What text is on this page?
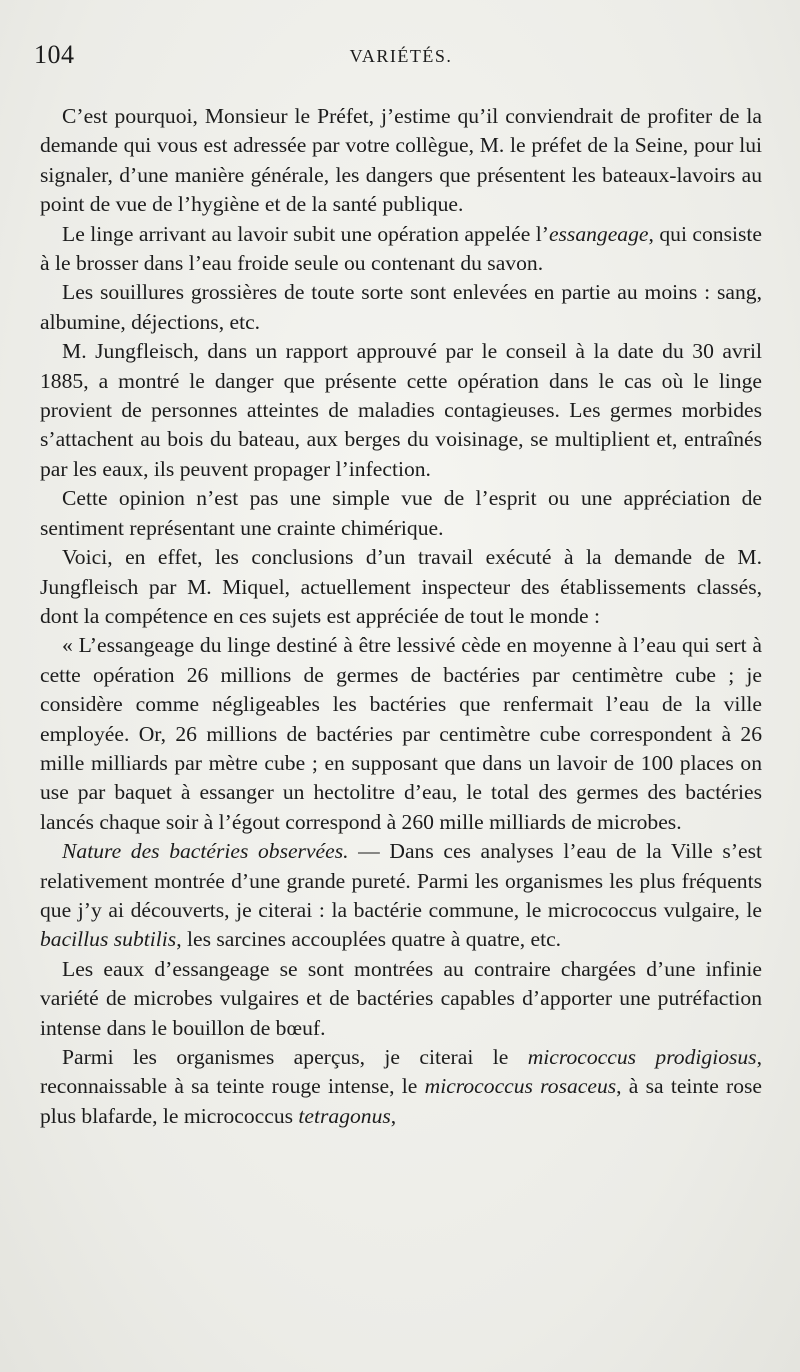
104	VARIÉTÉS.

C’est pourquoi, Monsieur le Préfet, j’estime qu’il conviendrait de profiter de la demande qui vous est adressée par votre collègue, M. le préfet de la Seine, pour lui signaler, d’une manière générale, les dangers que présentent les bateaux-lavoirs au point de vue de l’hygiène et de la santé publique.

Le linge arrivant au lavoir subit une opération appelée l’essangeage, qui consiste à le brosser dans l’eau froide seule ou contenant du savon.

Les souillures grossières de toute sorte sont enlevées en partie au moins : sang, albumine, déjections, etc.

M. Jungfleisch, dans un rapport approuvé par le conseil à la date du 30 avril 1885, a montré le danger que présente cette opération dans le cas où le linge provient de personnes atteintes de maladies contagieuses. Les germes morbides s’attachent au bois du bateau, aux berges du voisinage, se multiplient et, entraînés par les eaux, ils peuvent propager l’infection.

Cette opinion n’est pas une simple vue de l’esprit ou une appréciation de sentiment représentant une crainte chimérique.

Voici, en effet, les conclusions d’un travail exécuté à la demande de M. Jungfleisch par M. Miquel, actuellement inspecteur des établissements classés, dont la compétence en ces sujets est appréciée de tout le monde :

« L’essangeage du linge destiné à être lessivé cède en moyenne à l’eau qui sert à cette opération 26 millions de germes de bactéries par centimètre cube ; je considère comme négligeables les bactéries que renfermait l’eau de la ville employée. Or, 26 millions de bactéries par centimètre cube correspondent à 26 mille milliards par mètre cube ; en supposant que dans un lavoir de 100 places on use par baquet à essanger un hectolitre d’eau, le total des germes des bactéries lancés chaque soir à l’égout correspond à 260 mille milliards de microbes.

Nature des bactéries observées. — Dans ces analyses l’eau de la Ville s’est relativement montrée d’une grande pureté. Parmi les organismes les plus fréquents que j’y ai découverts, je citerai : la bactérie commune, le micrococcus vulgaire, le bacillus subtilis, les sarcines accouplées quatre à quatre, etc.

Les eaux d’essangeage se sont montrées au contraire chargées d’une infinie variété de microbes vulgaires et de bactéries capables d’apporter une putréfaction intense dans le bouillon de bœuf.

Parmi les organismes aperçus, je citerai le micrococcus prodigiosus, reconnaissable à sa teinte rouge intense, le micrococcus rosaceus, à sa teinte rose plus blafarde, le micrococcus tetragonus,
